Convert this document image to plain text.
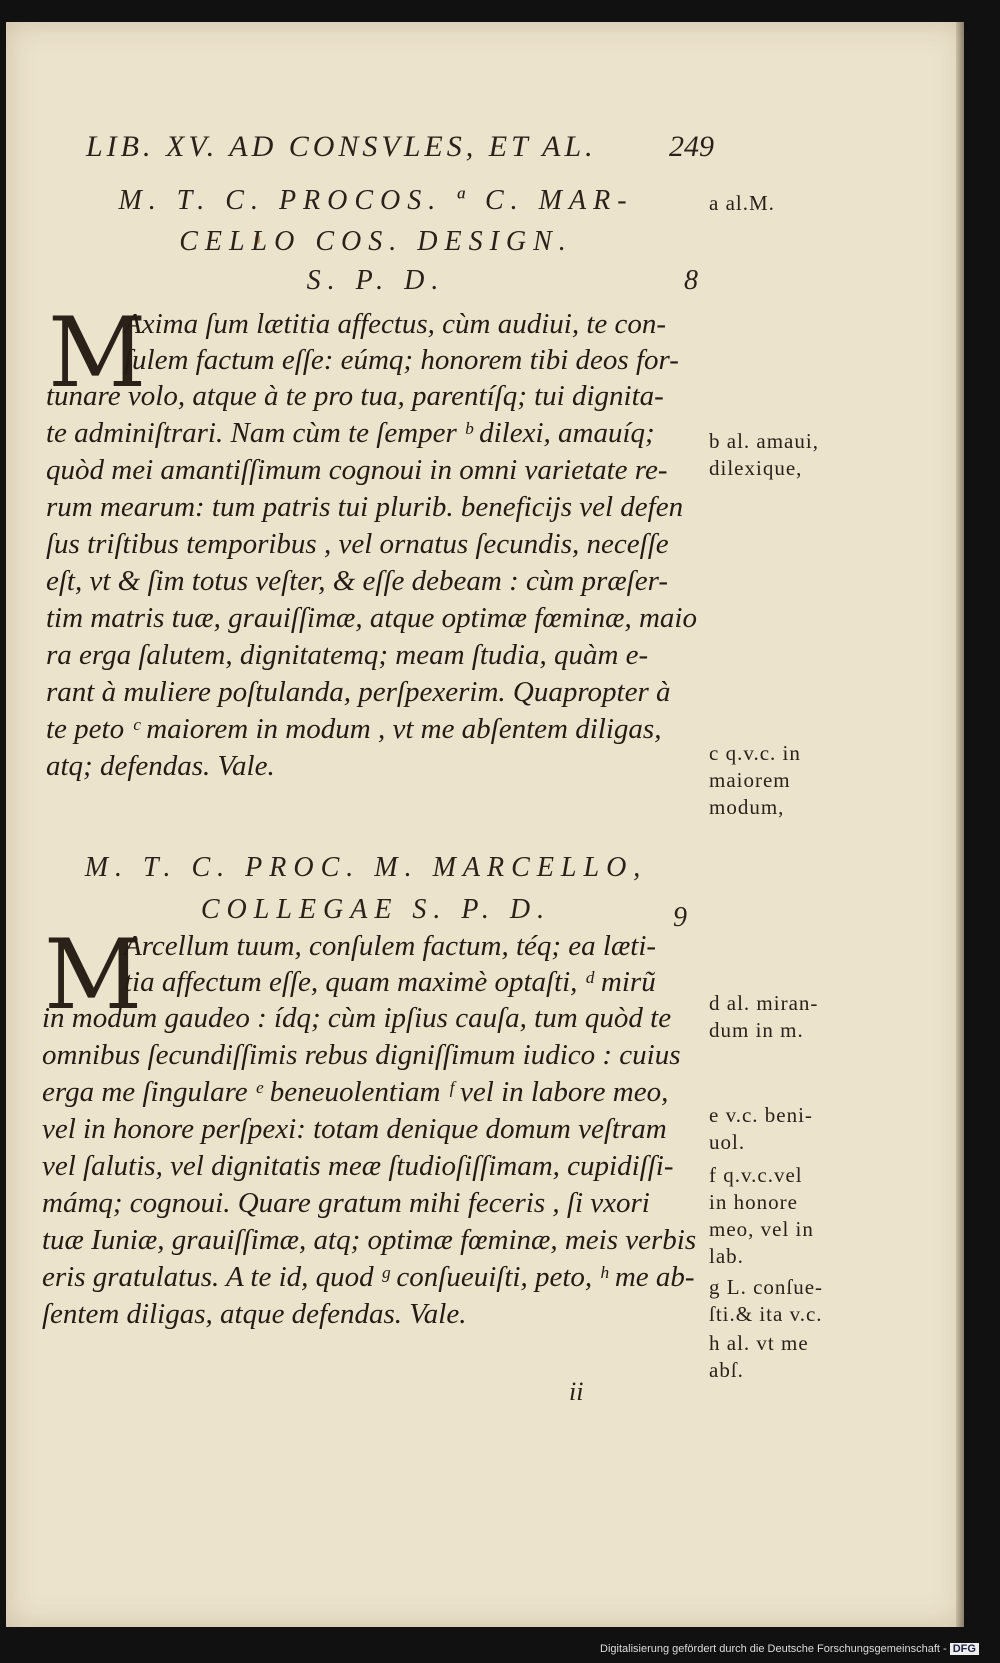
LIB. XV. AD CONSVLES, ET AL. 249
M. T. C. PROCOS. ª C. MAR-
CELLO COS. DESIGN.
S. P. D.	8
M
Axima ſum lætitia affectus, cùm audiui, te con-
ſulem factum eſſe: eúmq; honorem tibi deos for-
tunare volo, atque à te pro tua, parentíſq; tui dignita-
te adminiſtrari. Nam cùm te ſemper ᵇ dilexi, amauíq;
quòd mei amantiſſimum cognoui in omni varietate re-
rum mearum: tum patris tui plurib. beneficijs vel defen
ſus triſtibus temporibus , vel ornatus ſecundis, neceſſe
eſt, vt & ſim totus veſter, & eſſe debeam : cùm præſer-
tim matris tuæ, grauiſſimæ, atque optimæ fœminæ, maio
ra erga ſalutem, dignitatemq; meam ſtudia, quàm e-
rant à muliere poſtulanda, perſpexerim. Quapropter à
te peto ᶜ maiorem in modum , vt me abſentem diligas,
atq; defendas. Vale.
M. T. C. PROC. M. MARCELLO,
COLLEGAE S. P. D.	9
M
Arcellum tuum, conſulem factum, téq; ea læti-
tia affectum eſſe, quam maximè optaſti, ᵈ mirũ
in modum gaudeo : ídq; cùm ipſius cauſa, tum quòd te
omnibus ſecundiſſimis rebus digniſſimum iudico : cuius
erga me ſingulare ᵉ beneuolentiam ᶠ vel in labore meo,
vel in honore perſpexi: totam denique domum veſtram
vel ſalutis, vel dignitatis meæ ſtudioſiſſimam, cupidiſſi-
mámq; cognoui. Quare gratum mihi feceris , ſi vxori
tuæ Iuniæ, grauiſſimæ, atq; optimæ fœminæ, meis verbis
eris gratulatus. A te id, quod ᵍ conſueuiſti, peto, ʰ me ab-
ſentem diligas, atque defendas. Vale.
a al.M.
b al. amaui,
dilexique,
c q.v.c. in
maiorem
modum,
d al. miran-
dum in m.
e v.c. beni-
uol.
f q.v.c.vel
in honore
meo, vel in
lab.
g L. conſue-
ſti.& ita v.c.
h al. vt me
abſ.
ii
Digitalisierung gefördert durch die Deutsche Forschungsgemeinschaft - DFG
